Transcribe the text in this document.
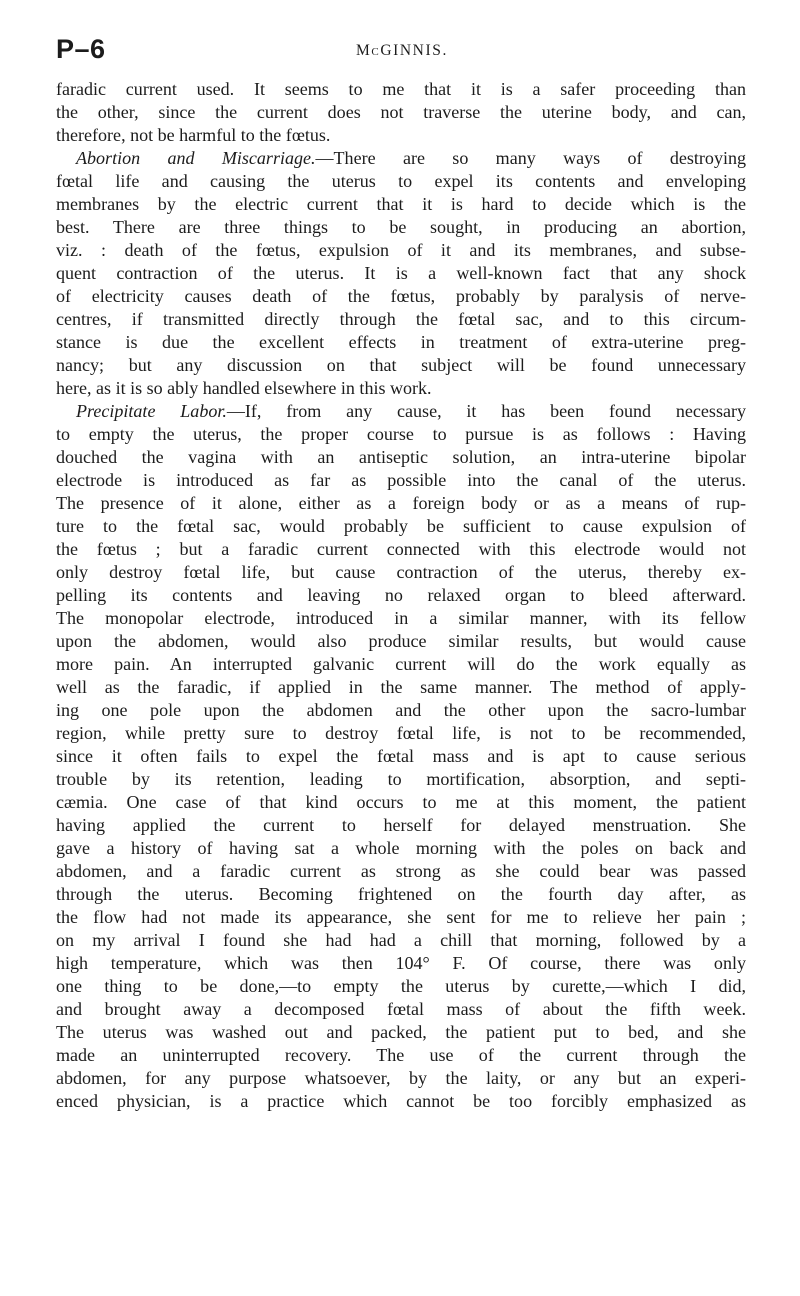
P–6	McGINNIS.
faradic current used. It seems to me that it is a safer proceeding than
the other, since the current does not traverse the uterine body, and can,
therefore, not be harmful to the fœtus.
Abortion and Miscarriage.—There are so many ways of destroying
fœtal life and causing the uterus to expel its contents and enveloping
membranes by the electric current that it is hard to decide which is the
best. There are three things to be sought, in producing an abortion,
viz. : death of the fœtus, expulsion of it and its membranes, and subse-
quent contraction of the uterus. It is a well-known fact that any shock
of electricity causes death of the fœtus, probably by paralysis of nerve-
centres, if transmitted directly through the fœtal sac, and to this circum-
stance is due the excellent effects in treatment of extra-uterine preg-
nancy; but any discussion on that subject will be found unnecessary
here, as it is so ably handled elsewhere in this work.
Precipitate Labor.—If, from any cause, it has been found necessary
to empty the uterus, the proper course to pursue is as follows : Having
douched the vagina with an antiseptic solution, an intra-uterine bipolar
electrode is introduced as far as possible into the canal of the uterus.
The presence of it alone, either as a foreign body or as a means of rup-
ture to the fœtal sac, would probably be sufficient to cause expulsion of
the fœtus ; but a faradic current connected with this electrode would not
only destroy fœtal life, but cause contraction of the uterus, thereby ex-
pelling its contents and leaving no relaxed organ to bleed afterward.
The monopolar electrode, introduced in a similar manner, with its fellow
upon the abdomen, would also produce similar results, but would cause
more pain. An interrupted galvanic current will do the work equally as
well as the faradic, if applied in the same manner. The method of apply-
ing one pole upon the abdomen and the other upon the sacro-lumbar
region, while pretty sure to destroy fœtal life, is not to be recommended,
since it often fails to expel the fœtal mass and is apt to cause serious
trouble by its retention, leading to mortification, absorption, and septi-
cæmia. One case of that kind occurs to me at this moment, the patient
having applied the current to herself for delayed menstruation. She
gave a history of having sat a whole morning with the poles on back and
abdomen, and a faradic current as strong as she could bear was passed
through the uterus. Becoming frightened on the fourth day after, as
the flow had not made its appearance, she sent for me to relieve her pain ;
on my arrival I found she had had a chill that morning, followed by a
high temperature, which was then 104° F. Of course, there was only
one thing to be done,—to empty the uterus by curette,—which I did,
and brought away a decomposed fœtal mass of about the fifth week.
The uterus was washed out and packed, the patient put to bed, and she
made an uninterrupted recovery. The use of the current through the
abdomen, for any purpose whatsoever, by the laity, or any but an experi-
enced physician, is a practice which cannot be too forcibly emphasized as
